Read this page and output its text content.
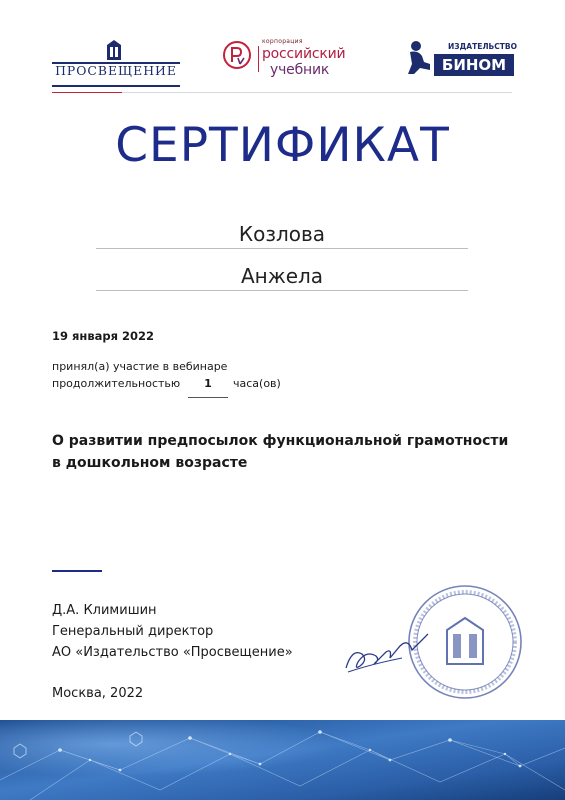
ПРОСВЕЩЕНИЕ
корпорация
российский
учебник
ИЗДАТЕЛЬСТВО
БИНОМ
СЕРТИФИКАТ
Козлова
Анжела
19 января 2022
принял(а) участие в вебинаре
продолжительностью	1	часа(ов)
О развитии предпосылок функциональной грамотности
в дошкольном возрасте
Д.А. Климишин
Генеральный директор
АО «Издательство «Просвещение»
Москва, 2022
